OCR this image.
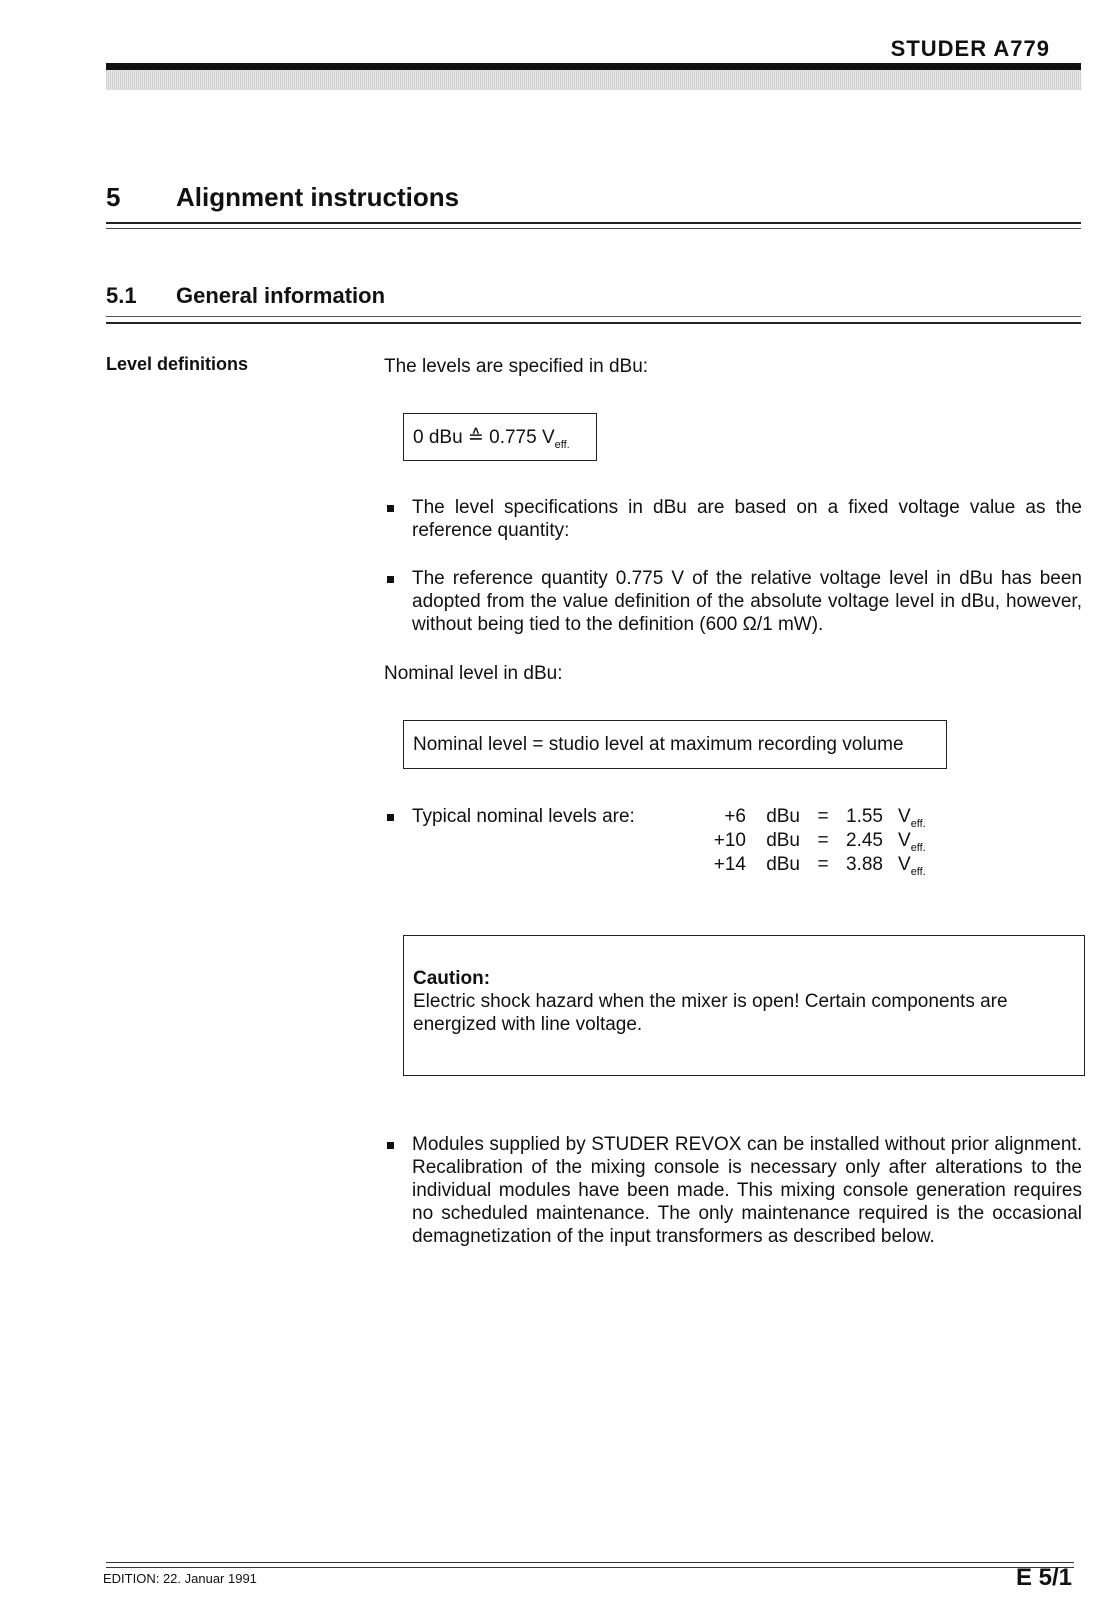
STUDER A779
5 Alignment instructions
5.1 General information
Level definitions	The levels are specified in dBu:
0 dBu ≙ 0.775 $V_{eff.}$
The level specifications in dBu are based on a fixed voltage value as the reference quantity:
The reference quantity 0.775 V of the relative voltage level in dBu has been adopted from the value definition of the absolute voltage level in dBu, however, without being tied to the definition (600 Ω/1 mW).
Nominal level in dBu:
Nominal level = studio level at maximum recording volume
Typical nominal levels are:	+6	dBu = 1.55 $V_{eff.}$
+10	dBu = 2.45 $V_{eff.}$
+14	dBu = 3.88 $V_{eff.}$
Caution:
Electric shock hazard when the mixer is open! Certain components are energized with line voltage.
Modules supplied by STUDER REVOX can be installed without prior alignment. Recalibration of the mixing console is necessary only after alterations to the individual modules have been made. This mixing console generation requires no scheduled maintenance. The only maintenance required is the occasional demagnetization of the input transformers as described below.
EDITION: 22. Januar 1991	E 5/1
